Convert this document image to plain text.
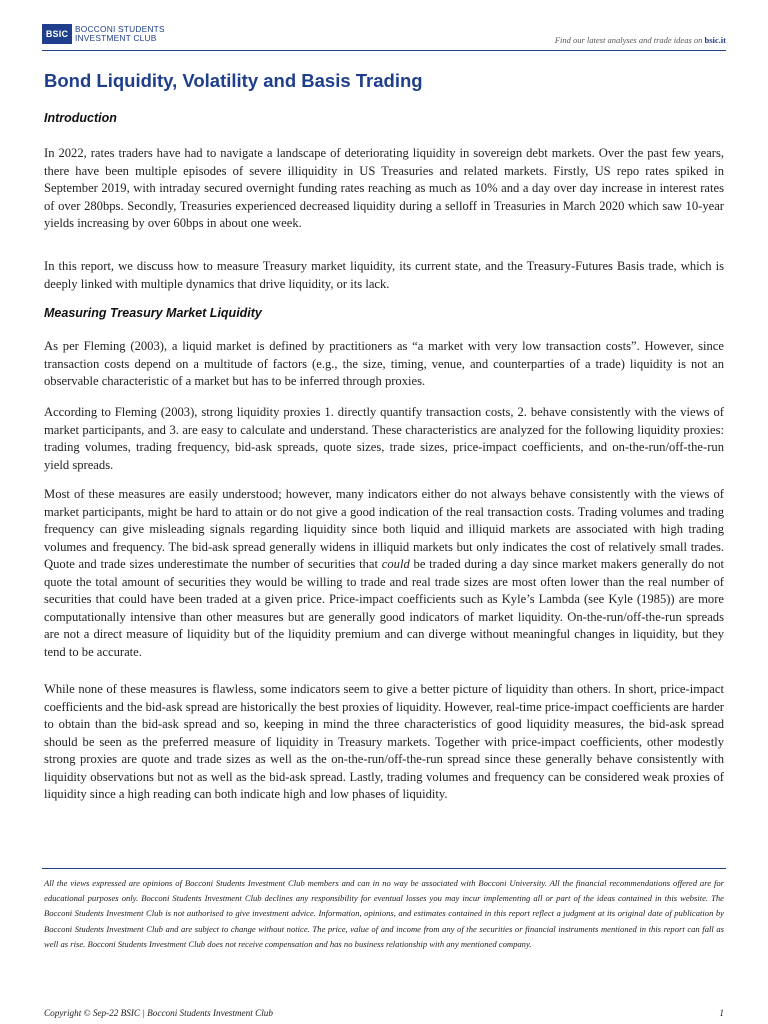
BSIC
BOCCONI STUDENTS
INVESTMENT CLUB	Find our latest analyses and trade ideas on bsic.it
Bond Liquidity, Volatility and Basis Trading
Introduction

In 2022, rates traders have had to navigate a landscape of deteriorating liquidity in sovereign debt markets. Over the past few years, there have been multiple episodes of severe illiquidity in US Treasuries and related markets. Firstly, US repo rates spiked in September 2019, with intraday secured overnight funding rates reaching as much as 10% and a day over day increase in interest rates of over 280bps. Secondly, Treasuries experienced decreased liquidity during a selloff in Treasuries in March 2020 which saw 10-year yields increasing by over 60bps in about one week.

In this report, we discuss how to measure Treasury market liquidity, its current state, and the Treasury-Futures Basis trade, which is deeply linked with multiple dynamics that drive liquidity, or its lack.

Measuring Treasury Market Liquidity

As per Fleming (2003), a liquid market is defined by practitioners as “a market with very low transaction costs”. However, since transaction costs depend on a multitude of factors (e.g., the size, timing, venue, and counterparties of a trade) liquidity is not an observable characteristic of a market but has to be inferred through proxies.

According to Fleming (2003), strong liquidity proxies 1. directly quantify transaction costs, 2. behave consistently with the views of market participants, and 3. are easy to calculate and understand. These characteristics are analyzed for the following liquidity proxies: trading volumes, trading frequency, bid-ask spreads, quote sizes, trade sizes, price-impact coefficients, and on-the-run/off-the-run yield spreads.

Most of these measures are easily understood; however, many indicators either do not always behave consistently with the views of market participants, might be hard to attain or do not give a good indication of the real transaction costs. Trading volumes and trading frequency can give misleading signals regarding liquidity since both liquid and illiquid markets are associated with high trading volumes and frequency. The bid-ask spread generally widens in illiquid markets but only indicates the cost of relatively small trades. Quote and trade sizes underestimate the number of securities that could be traded during a day since market makers generally do not quote the total amount of securities they would be willing to trade and real trade sizes are most often lower than the real number of securities that could have been traded at a given price. Price-impact coefficients such as Kyle’s Lambda (see Kyle (1985)) are more computationally intensive than other measures but are generally good indicators of market liquidity. On-the-run/off-the-run spreads are not a direct measure of liquidity but of the liquidity premium and can diverge without meaningful changes in liquidity, but they tend to be accurate.

While none of these measures is flawless, some indicators seem to give a better picture of liquidity than others. In short, price-impact coefficients and the bid-ask spread are historically the best proxies of liquidity. However, real-time price-impact coefficients are harder to obtain than the bid-ask spread and so, keeping in mind the three characteristics of good liquidity measures, the bid-ask spread should be seen as the preferred measure of liquidity in Treasury markets. Together with price-impact coefficients, other modestly strong proxies are quote and trade sizes as well as the on-the-run/off-the-run spread since these generally behave consistently with liquidity observations but not as well as the bid-ask spread. Lastly, trading volumes and frequency can be considered weak proxies of liquidity since a high reading can both indicate high and low phases of liquidity.

All the views expressed are opinions of Bocconi Students Investment Club members and can in no way be associated with Bocconi University. All the financial recommendations offered are for educational purposes only. Bocconi Students Investment Club declines any responsibility for eventual losses you may incur implementing all or part of the ideas contained in this website. The Bocconi Students Investment Club is not authorised to give investment advice. Information, opinions, and estimates contained in this report reflect a judgment at its original date of publication by Bocconi Students Investment Club and are subject to change without notice. The price, value of and income from any of the securities or financial instruments mentioned in this report can fall as well as rise. Bocconi Students Investment Club does not receive compensation and has no business relationship with any mentioned company.

Copyright © Sep-22 BSIC | Bocconi Students Investment Club	1
